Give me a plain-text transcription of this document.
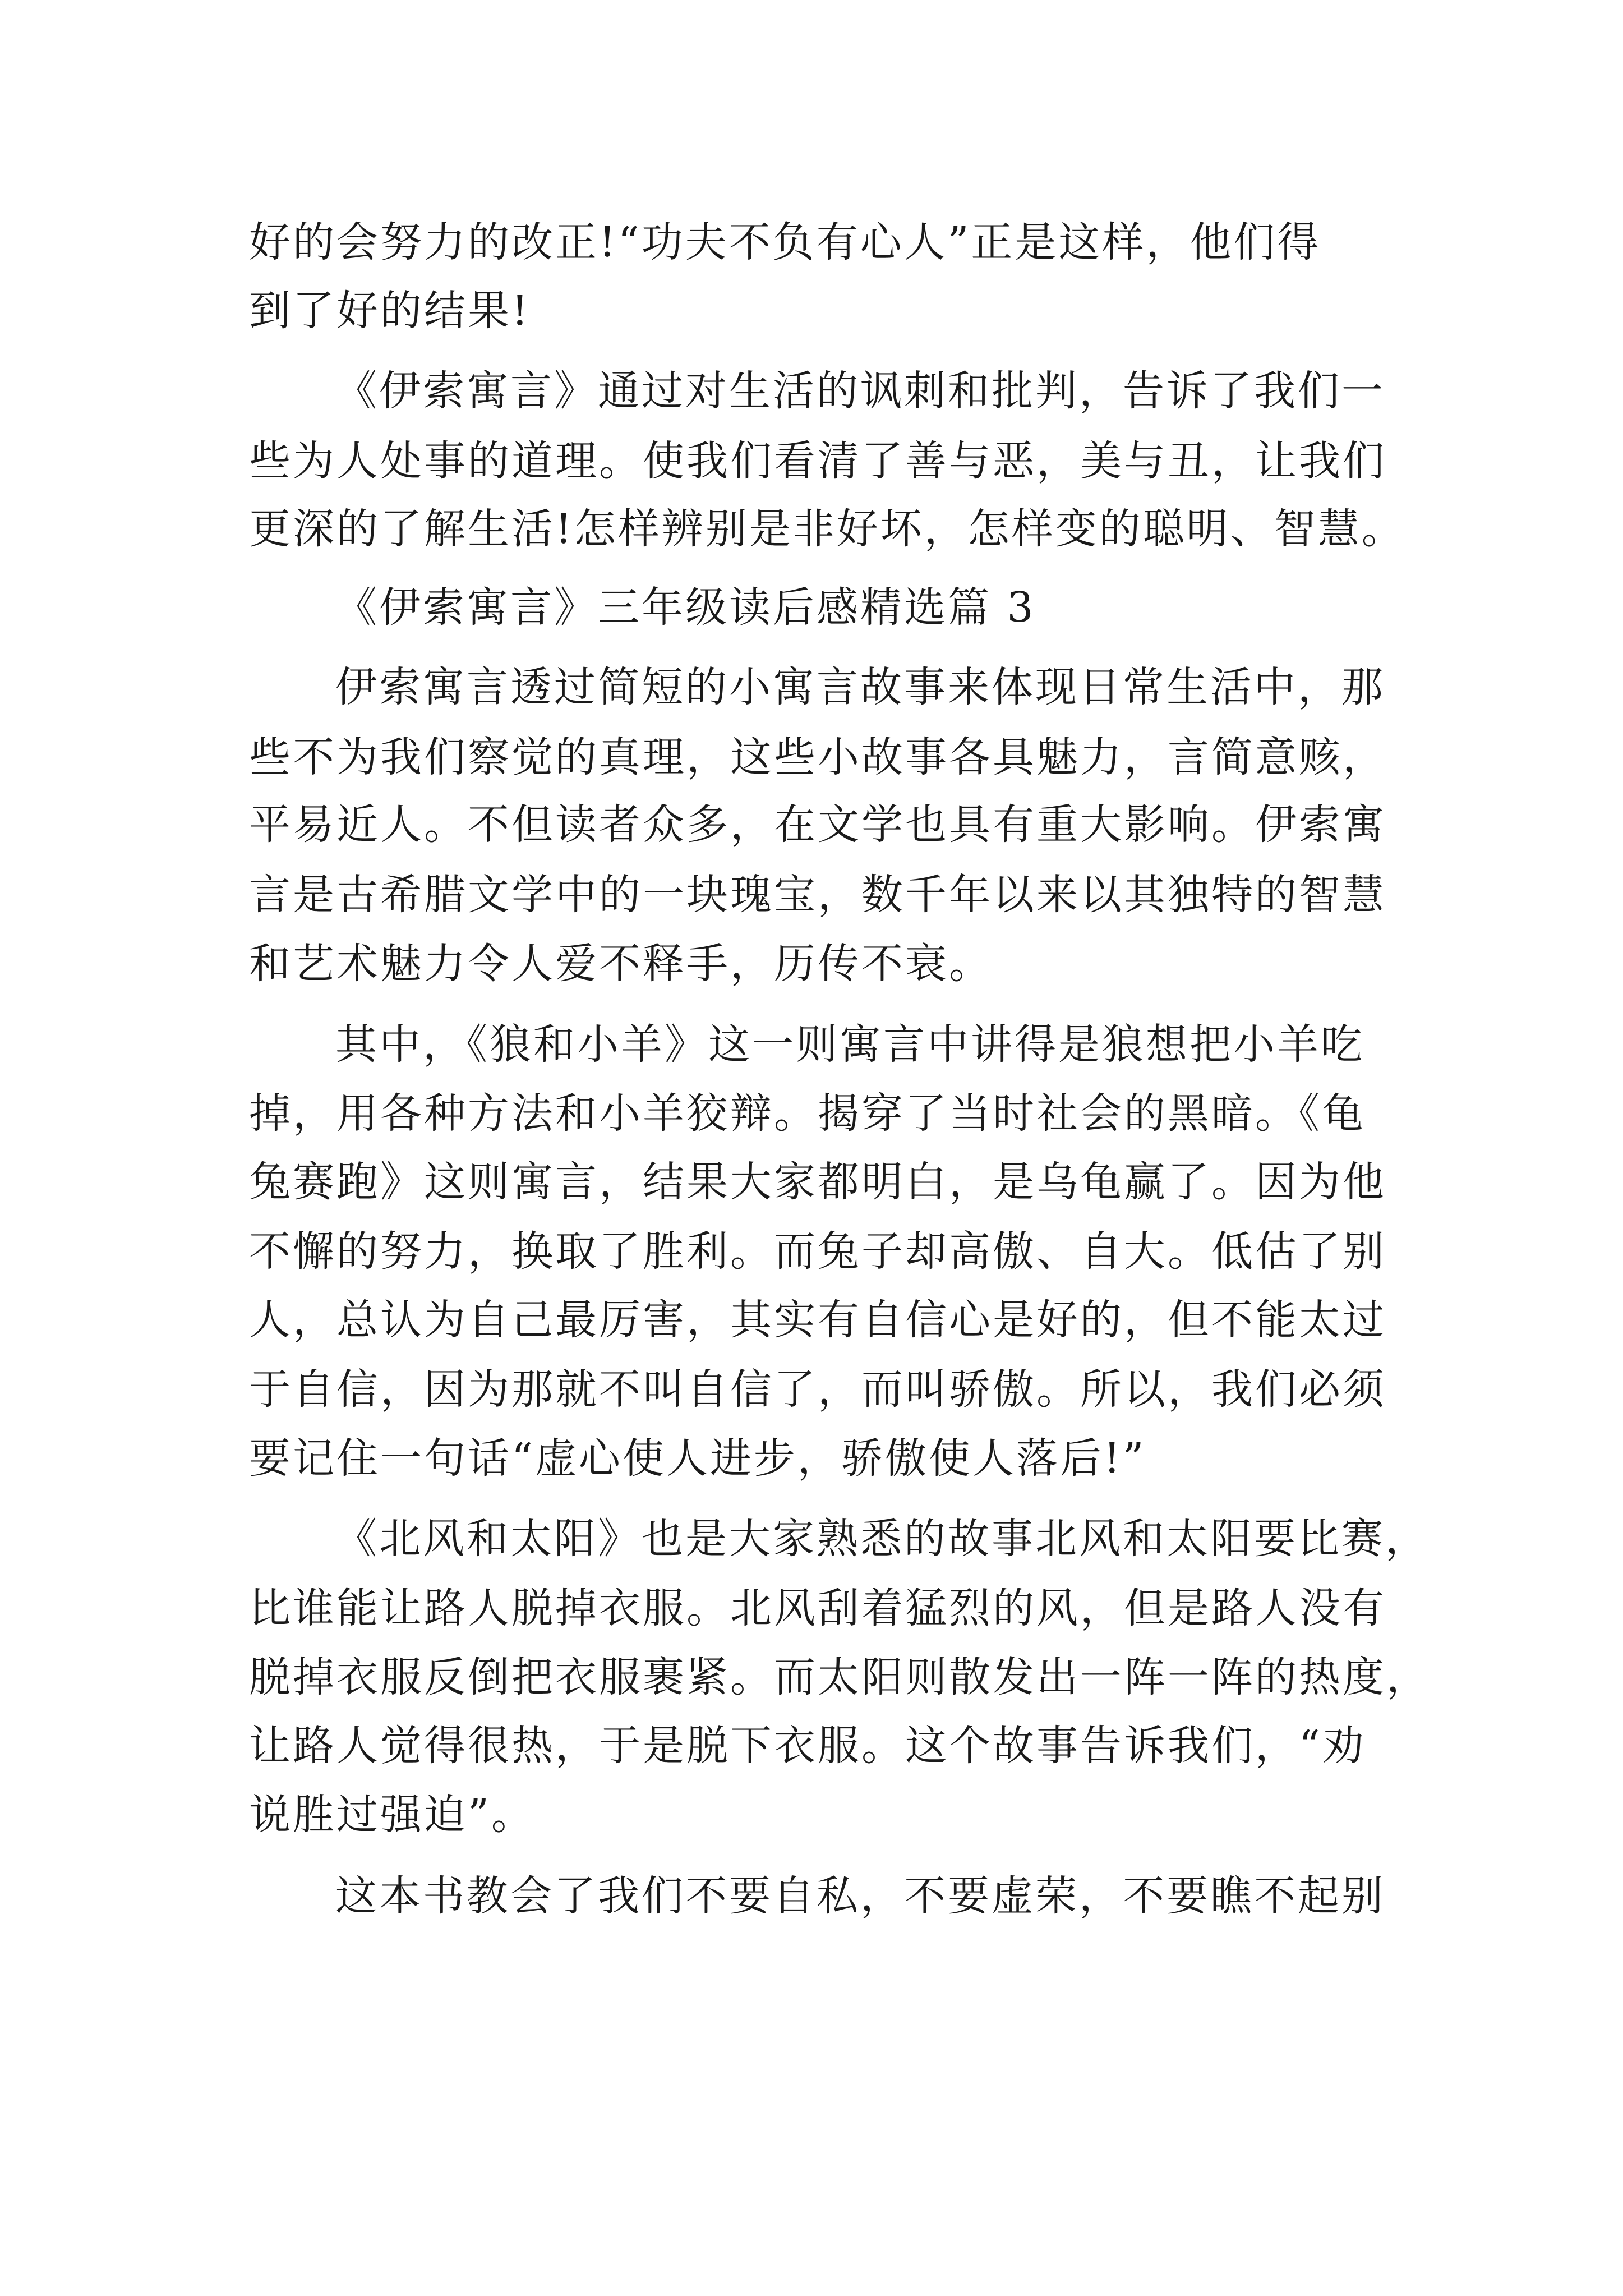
好的会努力的改正!“功夫不负有心人”正是这样，他们得
到了好的结果!
《伊索寓言》通过对生活的讽刺和批判，告诉了我们一
些为人处事的道理。使我们看清了善与恶，美与丑，让我们
更深的了解生活!怎样辨别是非好坏，怎样变的聪明、智慧。
《伊索寓言》三年级读后感精选篇 3
伊索寓言透过简短的小寓言故事来体现日常生活中，那
些不为我们察觉的真理，这些小故事各具魅力，言简意赅，
平易近人。不但读者众多，在文学也具有重大影响。伊索寓
言是古希腊文学中的一块瑰宝，数千年以来以其独特的智慧
和艺术魅力令人爱不释手，历传不衰。
其中，《狼和小羊》这一则寓言中讲得是狼想把小羊吃
掉，用各种方法和小羊狡辩。揭穿了当时社会的黑暗。《龟
兔赛跑》这则寓言，结果大家都明白，是乌龟赢了。因为他
不懈的努力，换取了胜利。而兔子却高傲、自大。低估了别
人，总认为自己最厉害，其实有自信心是好的，但不能太过
于自信，因为那就不叫自信了，而叫骄傲。所以，我们必须
要记住一句话“虚心使人进步，骄傲使人落后!”
《北风和太阳》也是大家熟悉的故事北风和太阳要比赛，
比谁能让路人脱掉衣服。北风刮着猛烈的风，但是路人没有
脱掉衣服反倒把衣服裹紧。而太阳则散发出一阵一阵的热度，
让路人觉得很热，于是脱下衣服。这个故事告诉我们，“劝
说胜过强迫”。
这本书教会了我们不要自私，不要虚荣，不要瞧不起别
